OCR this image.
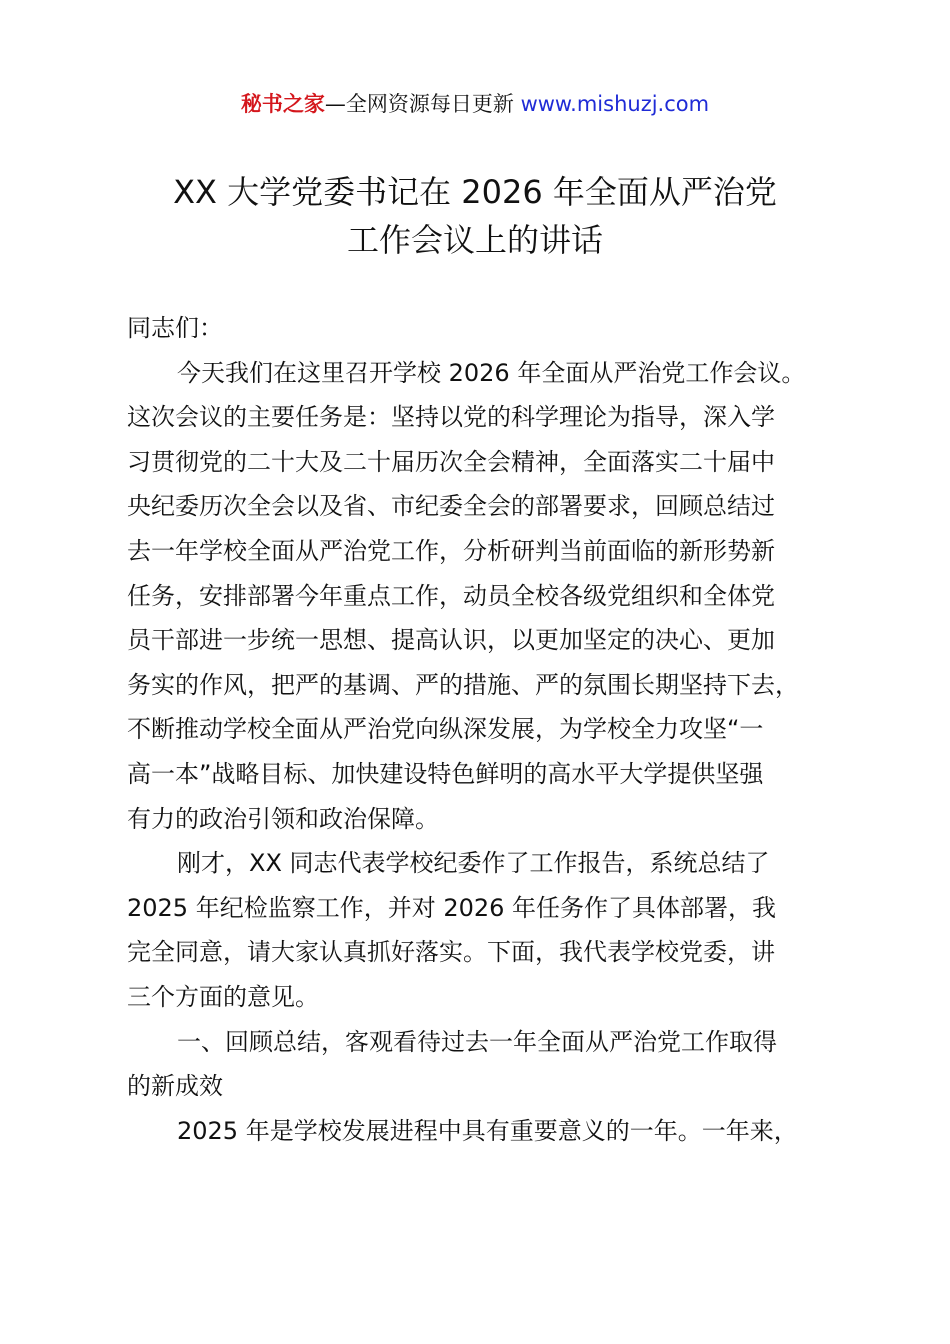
秘书之家—全网资源每日更新 www.mishuzj.com
XX 大学党委书记在 2026 年全面从严治党
工作会议上的讲话
同志们：
今天我们在这里召开学校 2026 年全面从严治党工作会议。
这次会议的主要任务是：坚持以党的科学理论为指导，深入学
习贯彻党的二十大及二十届历次全会精神，全面落实二十届中
央纪委历次全会以及省、市纪委全会的部署要求，回顾总结过
去一年学校全面从严治党工作，分析研判当前面临的新形势新
任务，安排部署今年重点工作，动员全校各级党组织和全体党
员干部进一步统一思想、提高认识，以更加坚定的决心、更加
务实的作风，把严的基调、严的措施、严的氛围长期坚持下去，
不断推动学校全面从严治党向纵深发展，为学校全力攻坚“一
高一本”战略目标、加快建设特色鲜明的高水平大学提供坚强
有力的政治引领和政治保障。
刚才，XX 同志代表学校纪委作了工作报告，系统总结了
2025 年纪检监察工作，并对 2026 年任务作了具体部署，我
完全同意，请大家认真抓好落实。下面，我代表学校党委，讲
三个方面的意见。
一、回顾总结，客观看待过去一年全面从严治党工作取得
的新成效
2025 年是学校发展进程中具有重要意义的一年。一年来，
